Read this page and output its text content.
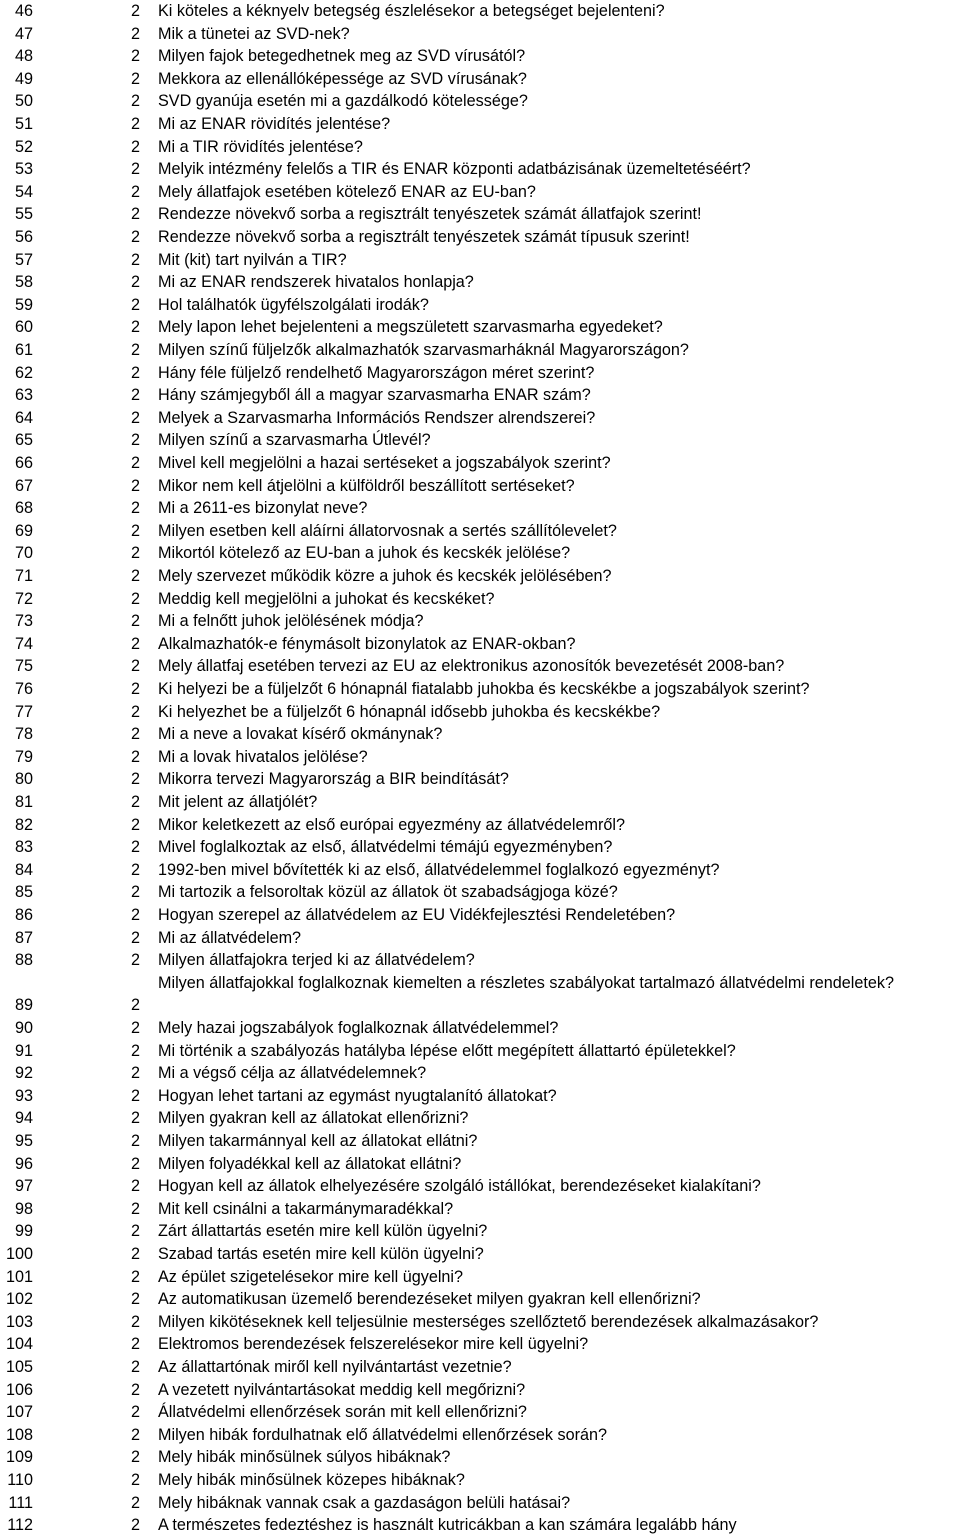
46	2 Ki köteles a kéknyelv betegség észlelésekor a betegséget bejelenteni?
47	2 Mik a tünetei az SVD-nek?
48	2 Milyen fajok betegedhetnek meg az SVD vírusától?
49	2 Mekkora az ellenállóképessége az SVD vírusának?
50	2 SVD gyanúja esetén mi a gazdálkodó kötelessége?
51	2 Mi az ENAR rövidítés jelentése?
52	2 Mi a TIR rövidítés jelentése?
53	2 Melyik intézmény felelős a TIR és ENAR központi adatbázisának üzemeltetéséért?
54	2 Mely állatfajok esetében kötelező ENAR az EU-ban?
55	2 Rendezze növekvő sorba a regisztrált tenyészetek számát állatfajok szerint!
56	2 Rendezze növekvő sorba a regisztrált tenyészetek számát típusuk szerint!
57	2 Mit (kit) tart nyilván a TIR?
58	2 Mi az ENAR rendszerek hivatalos honlapja?
59	2 Hol találhatók ügyfélszolgálati irodák?
60	2 Mely lapon lehet bejelenteni a megszületett szarvasmarha egyedeket?
61	2 Milyen színű füljelzők alkalmazhatók szarvasmarháknál Magyarországon?
62	2 Hány féle füljelző rendelhető Magyarországon méret szerint?
63	2 Hány számjegyből áll a magyar szarvasmarha ENAR szám?
64	2 Melyek a Szarvasmarha Információs Rendszer alrendszerei?
65	2 Milyen színű a szarvasmarha Útlevél?
66	2 Mivel kell megjelölni a hazai sertéseket a jogszabályok szerint?
67	2 Mikor nem kell átjelölni a külföldről beszállított sertéseket?
68	2 Mi a 2611-es bizonylat neve?
69	2 Milyen esetben kell aláírni állatorvosnak a sertés szállítólevelet?
70	2 Mikortól kötelező az EU-ban a juhok és kecskék jelölése?
71	2 Mely szervezet működik közre a juhok és kecskék jelölésében?
72	2 Meddig kell megjelölni a juhokat és kecskéket?
73	2 Mi a felnőtt juhok jelölésének módja?
74	2 Alkalmazhatók-e fénymásolt bizonylatok az ENAR-okban?
75	2 Mely állatfaj esetében tervezi az EU az elektronikus azonosítók bevezetését 2008-ban?
76	2 Ki helyezi be a füljelzőt 6 hónapnál fiatalabb juhokba és kecskékbe a jogszabályok szerint?
77	2 Ki helyezhet be a füljelzőt 6 hónapnál idősebb juhokba és kecskékbe?
78	2 Mi a neve a lovakat kísérő okmánynak?
79	2 Mi a lovak hivatalos jelölése?
80	2 Mikorra tervezi Magyarország a BIR beindítását?
81	2 Mit jelent az állatjólét?
82	2 Mikor keletkezett az első európai egyezmény az állatvédelemről?
83	2 Mivel foglalkoztak az első, állatvédelmi témájú egyezményben?
84	2 1992-ben mivel bővítették ki az első, állatvédelemmel foglalkozó egyezményt?
85	2 Mi tartozik a felsoroltak közül az állatok öt szabadságjoga közé?
86	2 Hogyan szerepel az állatvédelem az EU Vidékfejlesztési Rendeletében?
87	2 Mi az állatvédelem?
88	2 Milyen állatfajokra terjed ki az állatvédelem?
89	2
Milyen állatfajokkal foglalkoznak kiemelten a részletes szabályokat tartalmazó állatvédelmi rendeletek?
90	2 Mely hazai jogszabályok foglalkoznak állatvédelemmel?
91	2 Mi történik a szabályozás hatályba lépése előtt megépített állattartó épületekkel?
92	2 Mi a végső célja az állatvédelemnek?
93	2 Hogyan lehet tartani az egymást nyugtalanító állatokat?
94	2 Milyen gyakran kell az állatokat ellenőrizni?
95	2 Milyen takarmánnyal kell az állatokat ellátni?
96	2 Milyen folyadékkal kell az állatokat ellátni?
97	2 Hogyan kell az állatok elhelyezésére szolgáló istállókat, berendezéseket kialakítani?
98	2 Mit kell csinálni a takarmánymaradékkal?
99	2 Zárt állattartás esetén mire kell külön ügyelni?
100	2 Szabad tartás esetén mire kell külön ügyelni?
101	2 Az épület szigetelésekor mire kell ügyelni?
102	2 Az automatikusan üzemelő berendezéseket milyen gyakran kell ellenőrizni?
103	2 Milyen kikötéseknek kell teljesülnie mesterséges szellőztető berendezések alkalmazásakor?
104	2 Elektromos berendezések felszerelésekor mire kell ügyelni?
105	2 Az állattartónak miről kell nyilvántartást vezetnie?
106	2 A vezetett nyilvántartásokat meddig kell megőrizni?
107	2 Állatvédelmi ellenőrzések során mit kell ellenőrizni?
108	2 Milyen hibák fordulhatnak elő állatvédelmi ellenőrzések során?
109	2 Mely hibák minősülnek súlyos hibáknak?
110	2 Mely hibák minősülnek közepes hibáknak?
111	2 Mely hibáknak vannak csak a gazdaságon belüli hatásai?
112	2 A természetes fedeztéshez is használt kutricákban a kan számára legalább hány
